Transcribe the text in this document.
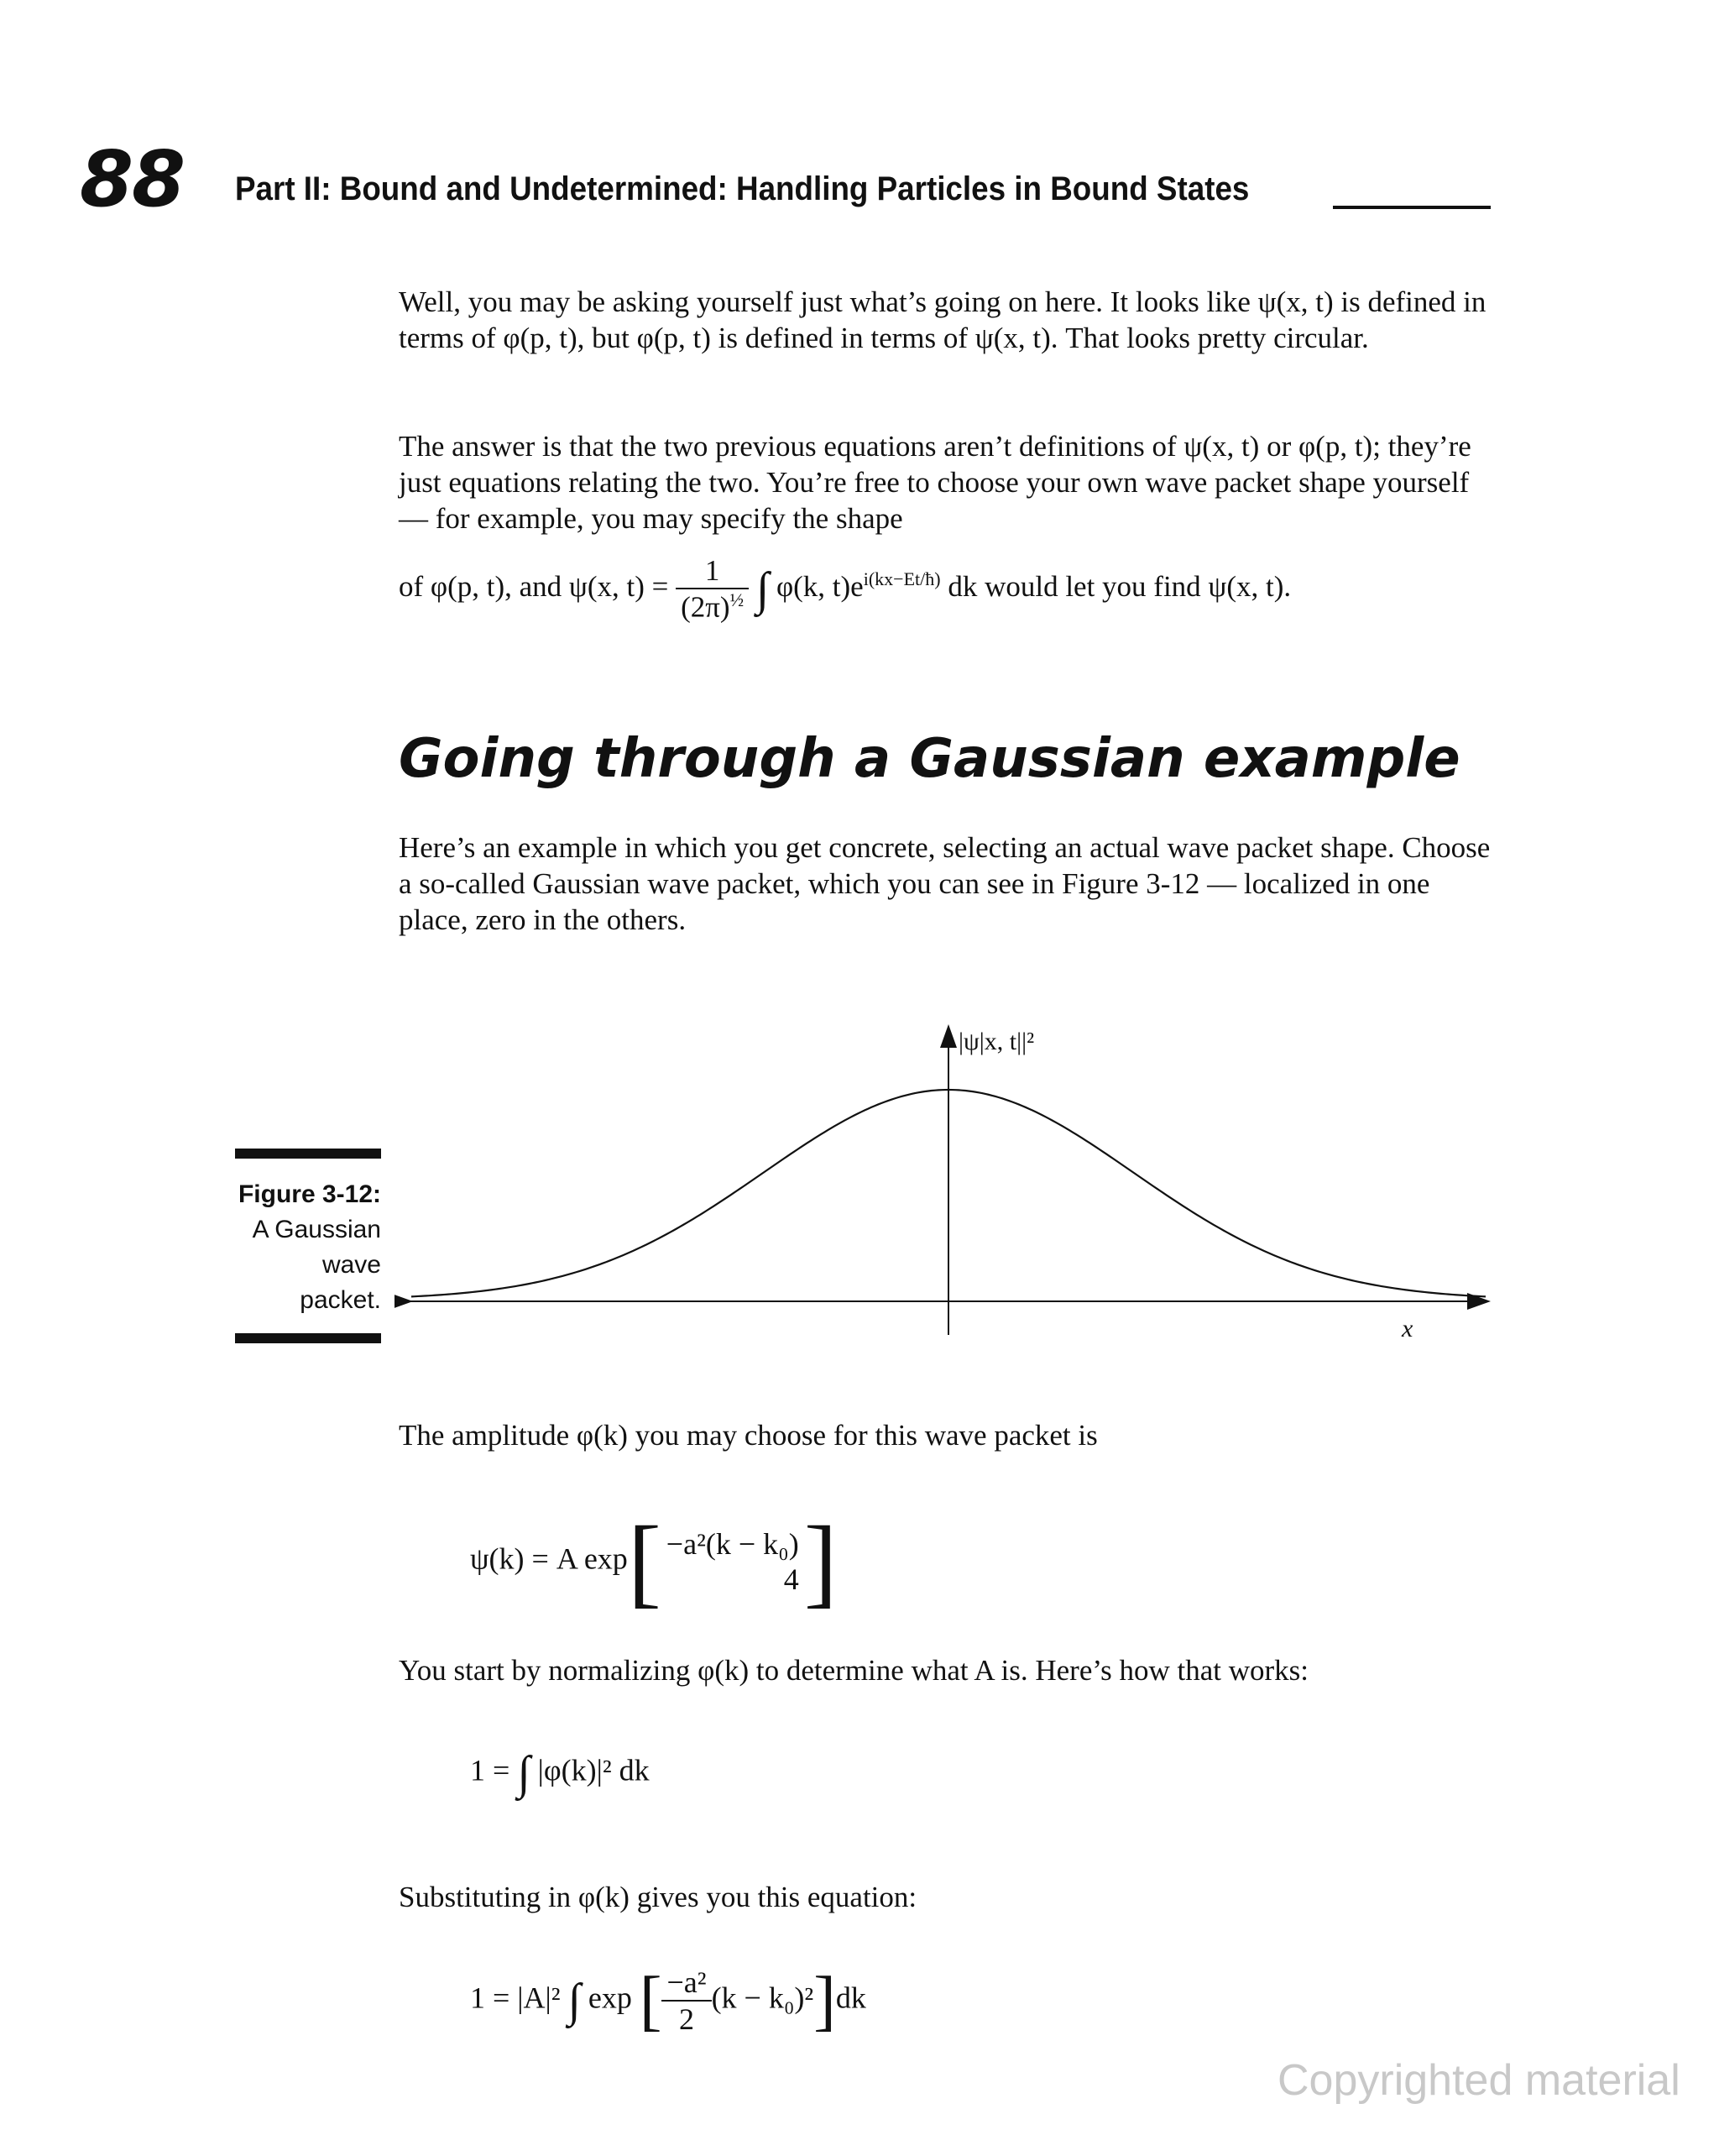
88 Part II: Bound and Undetermined: Handling Particles in Bound States

Well, you may be asking yourself just what’s going on here. It looks like ψ(x, t) is defined in terms of φ(p, t), but φ(p, t) is defined in terms of ψ(x, t). That looks pretty circular.

The answer is that the two previous equations aren’t definitions of ψ(x, t) or φ(p, t); they’re just equations relating the two. You’re free to choose your own wave packet shape yourself — for example, you may specify the shape

of φ(p, t), and ψ(x, $t) = \frac{1}{(2\pi)^{\frac{1}{2}}}$ ∫ φ(k, $t)e^{i(kx-Et/ħ)}$ dk would let you find ψ(x, t).
Going through a Gaussian example

Here’s an example in which you get concrete, selecting an actual wave packet shape. Choose a so-called Gaussian wave packet, which you can see in Figure 3-12 — localized in one place, zero in the others.

Figure 3-12:
A Gaussian wave packet.
|ψ|x, t||²
x

The amplitude φ(k) you may choose for this wave packet is

ψ(k) = A exp[ −a²(k − k₀)
4 ]

You start by normalizing φ(k) to determine what A is. Here’s how that works:

1 = ∫ |φ(k)|² dk

Substituting in φ(k) gives you this equation:

1 = |A|² ∫ exp [ $\frac{\text{−a²}}{2} (k - k_0)^2]dk$
Copyrighted material
